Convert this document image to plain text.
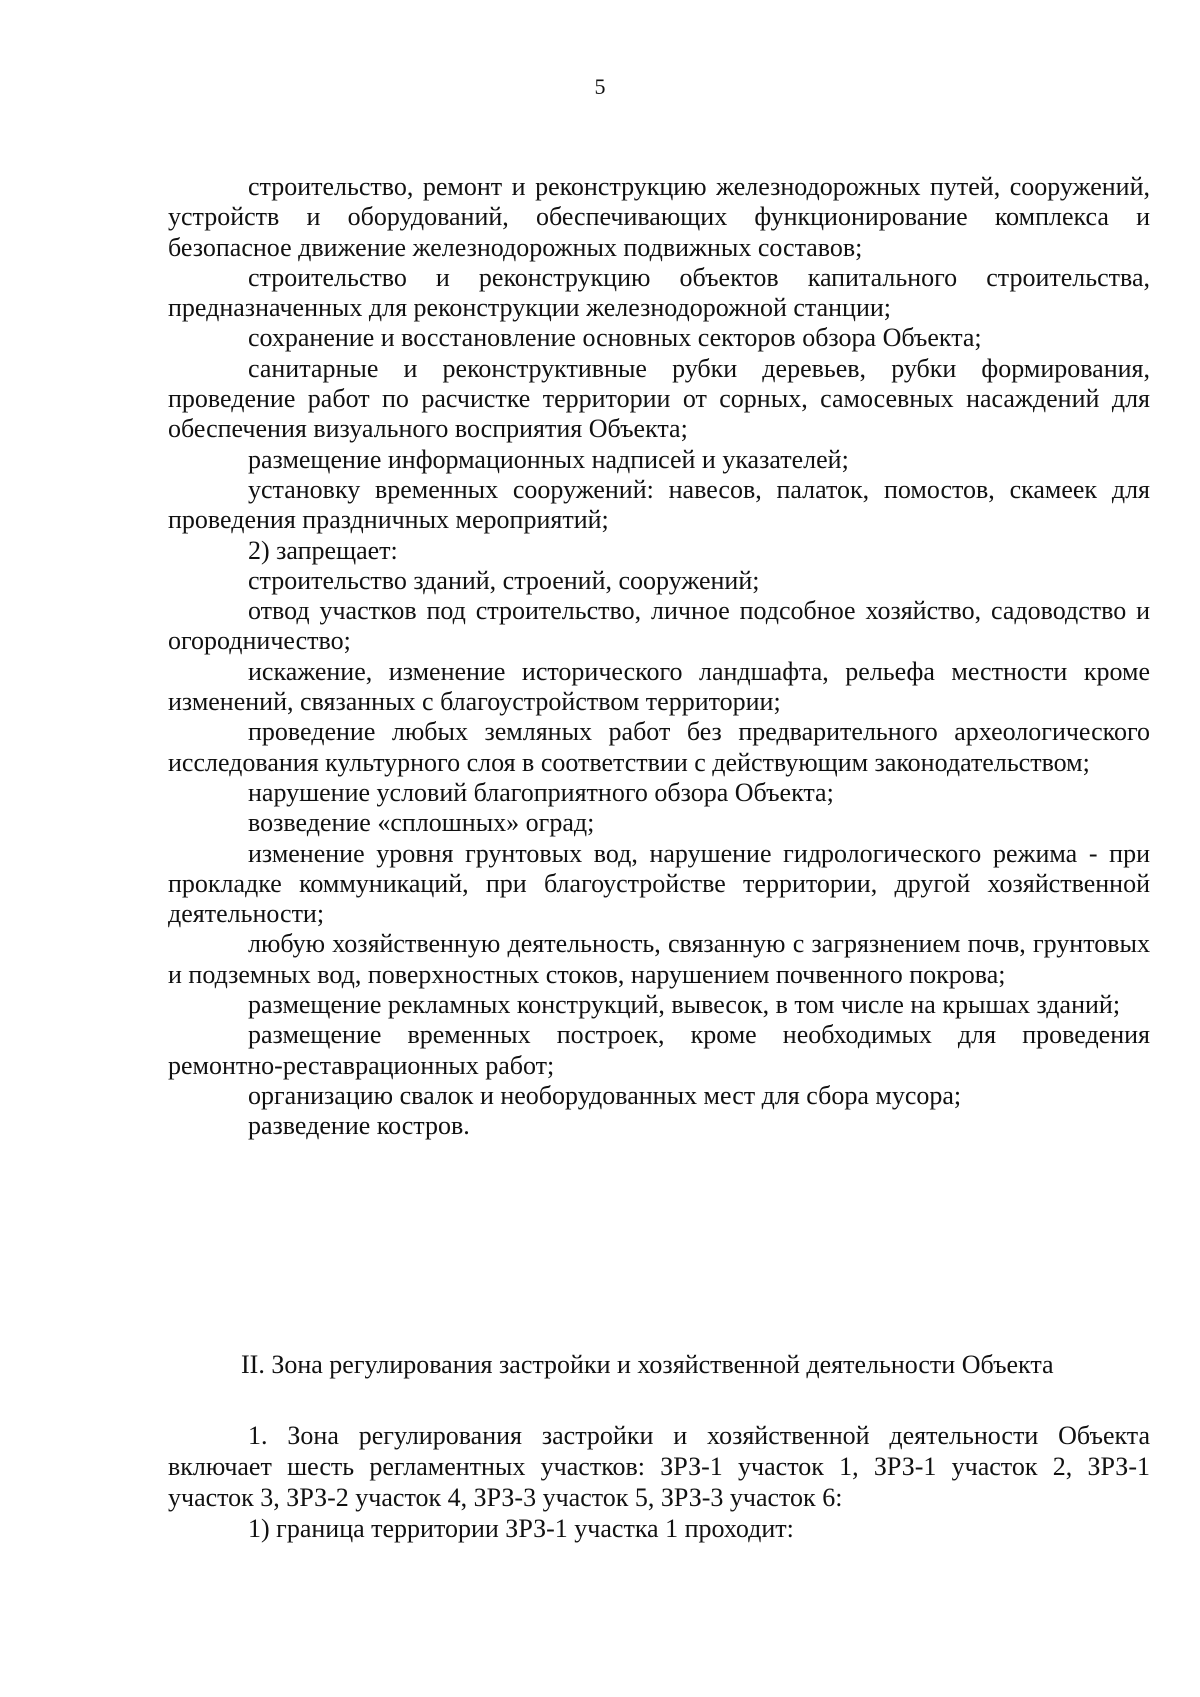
5

строительство, ремонт и реконструкцию железнодорожных путей, сооружений, устройств и оборудований, обеспечивающих функционирование комплекса и безопасное движение железнодорожных подвижных составов;

строительство и реконструкцию объектов капитального строительства, предназначенных для реконструкции железнодорожной станции;

сохранение и восстановление основных секторов обзора Объекта;

санитарные и реконструктивные рубки деревьев, рубки формирования, проведение работ по расчистке территории от сорных, самосевных насаждений для обеспечения визуального восприятия Объекта;

размещение информационных надписей и указателей;

установку временных сооружений: навесов, палаток, помостов, скамеек для проведения праздничных мероприятий;

2) запрещает:

строительство зданий, строений, сооружений;

отвод участков под строительство, личное подсобное хозяйство, садоводство и огородничество;

искажение, изменение исторического ландшафта, рельефа местности кроме изменений, связанных с благоустройством территории;

проведение любых земляных работ без предварительного археологического исследования культурного слоя в соответствии с действующим законодательством;

нарушение условий благоприятного обзора Объекта;

возведение «сплошных» оград;

изменение уровня грунтовых вод, нарушение гидрологического режима - при прокладке коммуникаций, при благоустройстве территории, другой хозяйственной деятельности;

любую хозяйственную деятельность, связанную с загрязнением почв, грунтовых и подземных вод, поверхностных стоков, нарушением почвенного покрова;

размещение рекламных конструкций, вывесок, в том числе на крышах зданий;

размещение временных построек, кроме необходимых для проведения ремонтно-реставрационных работ;

организацию свалок и необорудованных мест для сбора мусора;

разведение костров.

II. Зона регулирования застройки и хозяйственной деятельности Объекта

1. Зона регулирования застройки и хозяйственной деятельности Объекта включает шесть регламентных участков: ЗРЗ-1 участок 1, ЗРЗ-1 участок 2, ЗРЗ-1 участок 3, ЗРЗ-2 участок 4, ЗРЗ-3 участок 5, ЗРЗ-3 участок 6:

1) граница территории ЗРЗ-1 участка 1 проходит:
